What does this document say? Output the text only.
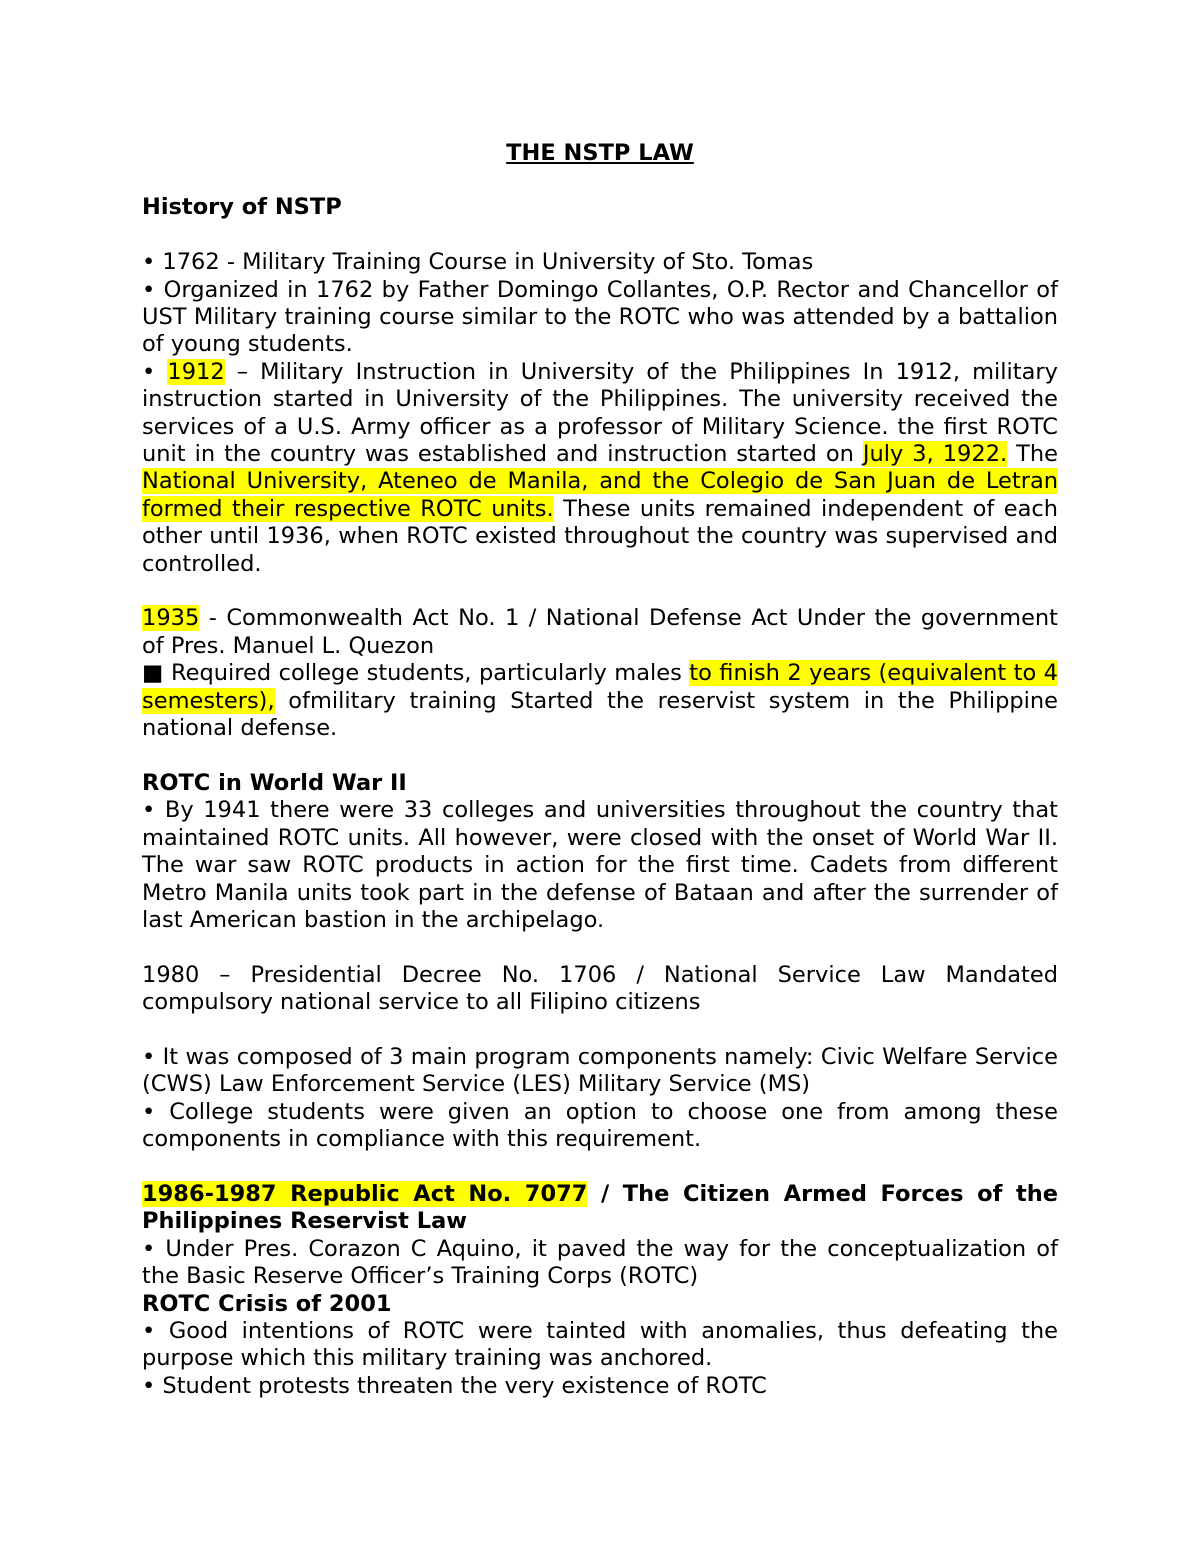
THE NSTP LAW

History of NSTP

• 1762 - Military Training Course in University of Sto. Tomas

• Organized in 1762 by Father Domingo Collantes, O.P. Rector and Chancellor of UST Military training course similar to the ROTC who was attended by a battalion of young students.

• 1912 – Military Instruction in University of the Philippines In 1912, military instruction started in University of the Philippines. The university received the services of a U.S. Army officer as a professor of Military Science. the first ROTC unit in the country was established and instruction started on July 3, 1922. The National University, Ateneo de Manila, and the Colegio de San Juan de Letran formed their respective ROTC units. These units remained independent of each other until 1936, when ROTC existed throughout the country was supervised and controlled.

1935 - Commonwealth Act No. 1 / National Defense Act Under the government of Pres. Manuel L. Quezon

■ Required college students, particularly males to finish 2 years (equivalent to 4 semesters), ofmilitary training Started the reservist system in the Philippine national defense.

ROTC in World War II

• By 1941 there were 33 colleges and universities throughout the country that maintained ROTC units. All however, were closed with the onset of World War II. The war saw ROTC products in action for the first time. Cadets from different Metro Manila units took part in the defense of Bataan and after the surrender of last American bastion in the archipelago.

1980 – Presidential Decree No. 1706 / National Service Law Mandated compulsory national service to all Filipino citizens

• It was composed of 3 main program components namely: Civic Welfare Service (CWS) Law Enforcement Service (LES) Military Service (MS)

• College students were given an option to choose one from among these components in compliance with this requirement.

1986-1987 Republic Act No. 7077 / The Citizen Armed Forces of the Philippines Reservist Law

• Under Pres. Corazon C Aquino, it paved the way for the conceptualization of the Basic Reserve Officer’s Training Corps (ROTC)

ROTC Crisis of 2001

• Good intentions of ROTC were tainted with anomalies, thus defeating the purpose which this military training was anchored.

• Student protests threaten the very existence of ROTC
